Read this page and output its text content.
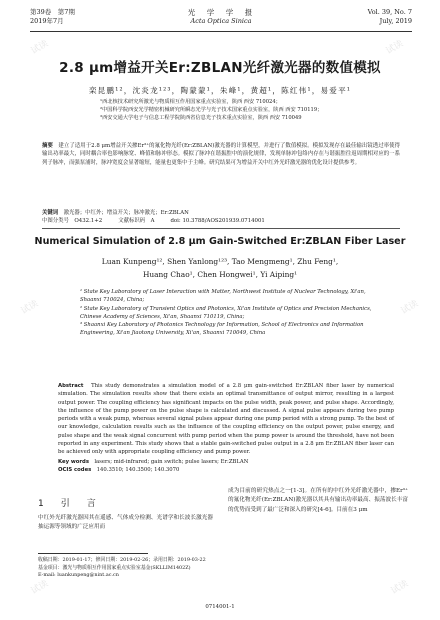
第39卷　第7期
2019年7月
光　学　学　报
Acta Optica Sinica
Vol. 39, No. 7
July, 2019
2.8 μm增益开关Er:ZBLAN光纤激光器的数值模拟
栾昆鹏¹²，沈炎龙¹²³，陶蒙蒙¹，朱峰¹，黄超¹，陈红伟¹，易爱平¹
¹西北核技术研究所激光与物质相互作用国家重点实验室，陕西 西安 710024；
²中国科学院西安光学精密机械研究所瞬态光学与光子技术国家重点实验室，陕西 西安 710119；
³西安交通大学电子与信息工程学院陕西省信息光子技术重点实验室，陕西 西安 710049
摘要　 建立了适用于2.8 μm增益开关掺Er³⁺的氟化物光纤(Er:ZBLAN)激光器的计算模型，并进行了数值模拟。模拟发现存在最佳输出镜透过率使得输出功率最大，同时耦合率也影响脉宽、峰值和脉冲形态。模拟了脉冲在谐振腔中的演化规律，发现单脉冲包络内存在与谐振腔往返周期相对应的一系列子脉冲，而强泵浦时，脉冲宽度会显著缩短，能量也更集中于主峰。研究结果可为增益开关中红外光纤激光器的优化设计提供参考。
关键词　 激光器；中红外；增益开关；脉冲激光；Er:ZBLAN
中图分类号　 O432.1+2	文献标识码　 A	doi: 10.3788/AOS201939.0714001
Numerical Simulation of 2.8 μm Gain-Switched Er:ZBLAN Fiber Laser
Luan Kunpeng¹², Shen Yanlong¹²³, Tao Mengmeng¹, Zhu Feng¹,
Huang Chao¹, Chen Hongwei¹, Yi Aiping¹
¹ State Key Laboratory of Laser Interaction with Matter, Northwest Institute of Nuclear Technology, Xi'an, Shaanxi 710024, China;
² State Key Laboratory of Transient Optics and Photonics, Xi'an Institute of Optics and Precision Mechanics, Chinese Academy of Sciences, Xi'an, Shaanxi 710119, China;
³ Shaanxi Key Laboratory of Photonics Technology for Information, School of Electronics and Information Engineering, Xi'an Jiaotong University, Xi'an, Shaanxi 710049, China
Abstract　 This study demonstrates a simulation model of a 2.8 μm gain-switched Er:ZBLAN fiber laser by numerical simulation. The simulation results show that there exists an optimal transmittance of output mirror, resulting in a largest output power. The coupling efficiency has significant impacts on the pulse width, peak power, and pulse shape. Accordingly, the influence of the pump power on the pulse shape is calculated and discussed. A signal pulse appears during two pump periods with a weak pump, whereas several signal pulses appear during one pump period with a strong pump. To the best of our knowledge, calculation results such as the influence of the coupling efficiency on the output power, pulse energy, and pulse shape and the weak signal concurrent with pump period when the pump power is around the threshold, have not been reported in any experiment. This study shows that a stable gain-switched pulse output in a 2.8 μm Er:ZBLAN fiber laser can be achieved only with appropriate coupling efficiency and pump power.
Key words　 lasers; mid-infrared; gain switch; pulse lasers; Er:ZBLAN
OCIS codes　 140.3510; 140.3500; 140.3070
1　引　言
中红外光纤激光器因其在遥感、气体成分检测、光谱学和长波长激光器抽运源等领域的广泛应用而
成为目前的研究热点之一[1-3]。在所有的中红外光纤激光器中，掺Er³⁺的氟化物光纤(Er:ZBLAN)激光器以其具有输出功率最高、振荡波长丰富的优势而受到了最广泛和深入的研究[4-6]。目前在3 μm
收稿日期：2019-01-17；修回日期：2019-02-26；录用日期：2019-03-22
基金项目：激光与物质相互作用国家重点实验室基金(SKLLIM1402Z)
E-mail: luankunpeng@nint.ac.cn
0714001-1
试读	试读
试读	试读
试读	试读
